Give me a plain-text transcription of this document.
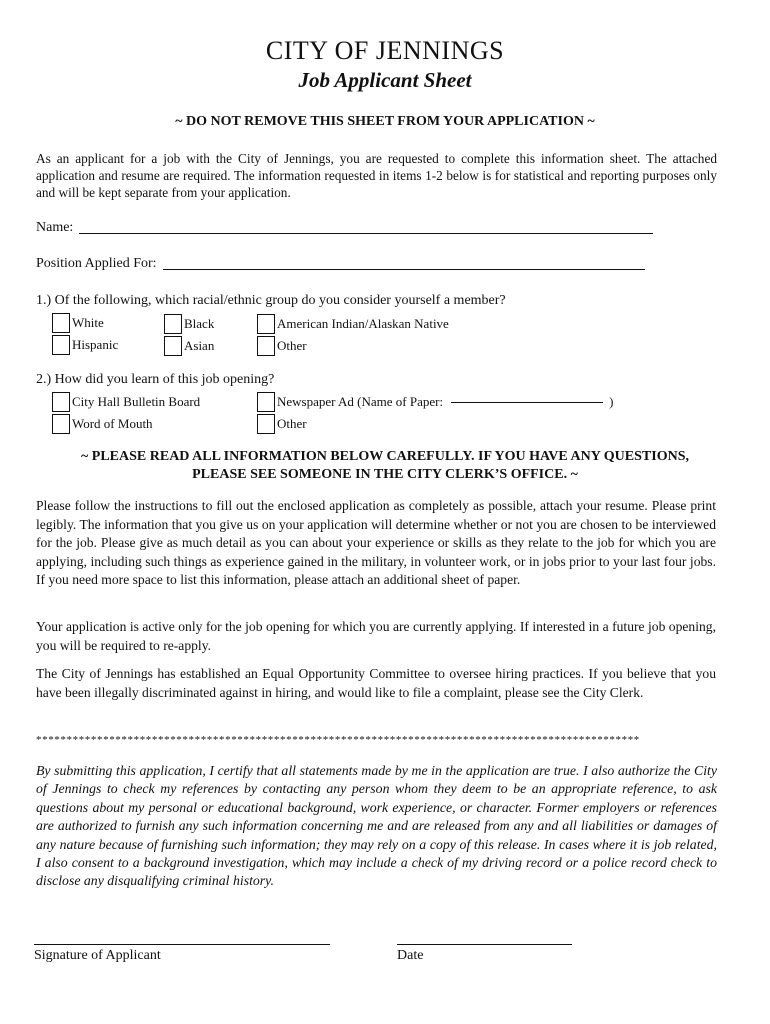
CITY OF JENNINGS
Job Applicant Sheet
~ DO NOT REMOVE THIS SHEET FROM YOUR APPLICATION ~
As an applicant for a job with the City of Jennings, you are requested to complete this information sheet. The attached application and resume are required. The information requested in items 1-2 below is for statistical and reporting purposes only and will be kept separate from your application.
Name:
Position Applied For:
1.) Of the following, which racial/ethnic group do you consider yourself a member?
White	Black	American Indian/Alaskan Native
Hispanic	Asian	Other
2.) How did you learn of this job opening?
City Hall Bulletin Board	Newspaper Ad (Name of Paper:	)
Word of Mouth	Other
~ PLEASE READ ALL INFORMATION BELOW CAREFULLY. IF YOU HAVE ANY QUESTIONS,
PLEASE SEE SOMEONE IN THE CITY CLERK’S OFFICE. ~
Please follow the instructions to fill out the enclosed application as completely as possible, attach your resume. Please print legibly. The information that you give us on your application will determine whether or not you are chosen to be interviewed for the job. Please give as much detail as you can about your experience or skills as they relate to the job for which you are applying, including such things as experience gained in the military, in volunteer work, or in jobs prior to your last four jobs. If you need more space to list this information, please attach an additional sheet of paper.
Your application is active only for the job opening for which you are currently applying. If interested in a future job opening, you will be required to re-apply.
The City of Jennings has established an Equal Opportunity Committee to oversee hiring practices. If you believe that you have been illegally discriminated against in hiring, and would like to file a complaint, please see the City Clerk.
***************************************************************************************************
By submitting this application, I certify that all statements made by me in the application are true. I also authorize the City of Jennings to check my references by contacting any person whom they deem to be an appropriate reference, to ask questions about my personal or educational background, work experience, or character. Former employers or references are authorized to furnish any such information concerning me and are released from any and all liabilities or damages of any nature because of furnishing such information; they may rely on a copy of this release. In cases where it is job related, I also consent to a background investigation, which may include a check of my driving record or a police record check to disclose any disqualifying criminal history.
Signature of Applicant	Date
